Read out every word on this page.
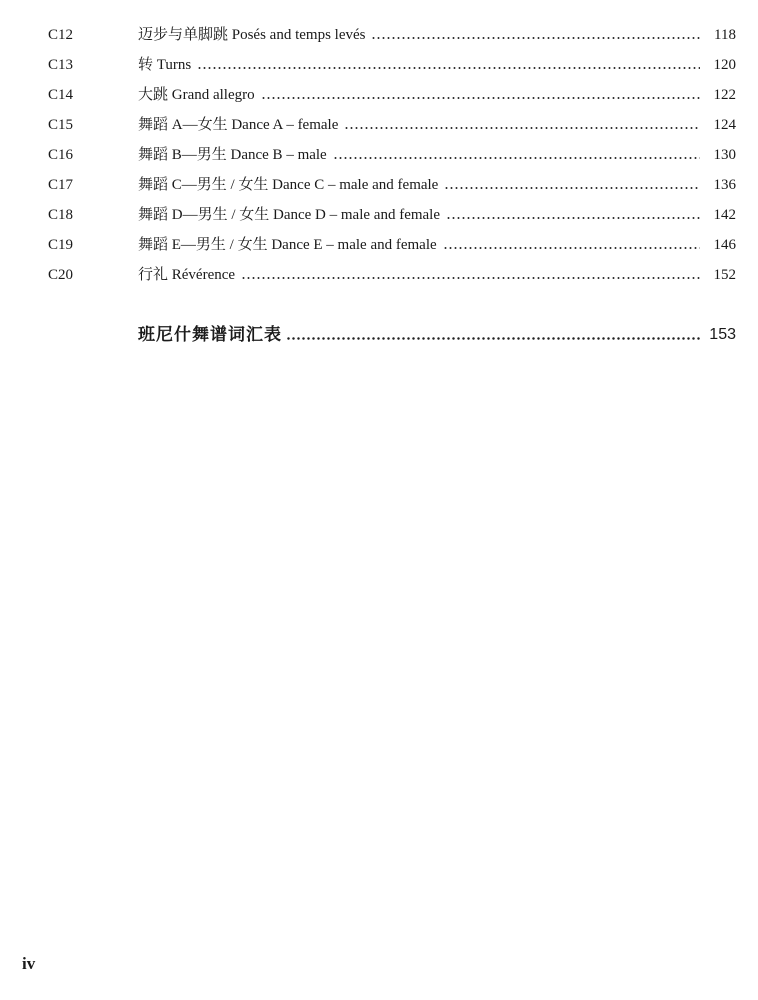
C12	迈步与单脚跳 Posés and temps levés	118
C13	转 Turns	120
C14	大跳 Grand allegro	122
C15	舞蹈 A—女生 Dance A – female	124
C16	舞蹈 B—男生 Dance B – male	130
C17	舞蹈 C—男生 / 女生 Dance C – male and female	136
C18	舞蹈 D—男生 / 女生 Dance D – male and female	142
C19	舞蹈 E—男生 / 女生 Dance E – male and female	146
C20	行礼 Révérence	152
班尼什舞谱词汇表	153
iv
